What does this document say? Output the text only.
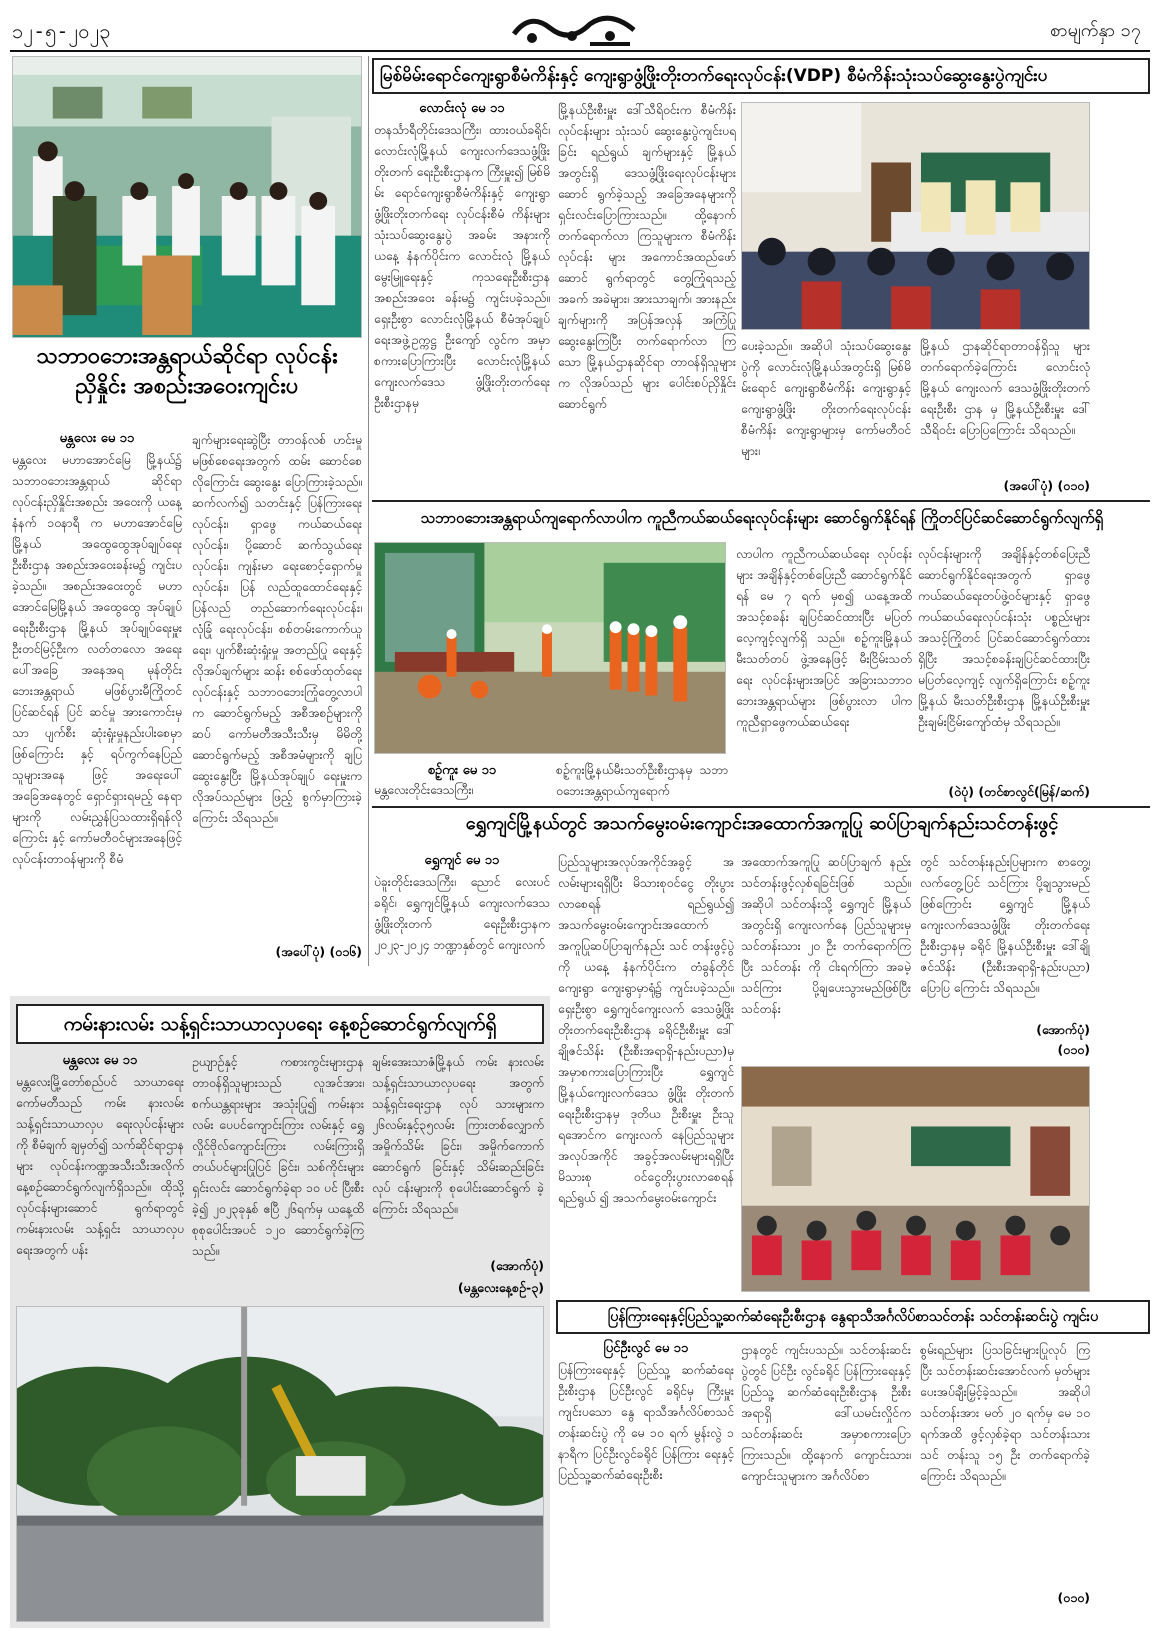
၁၂-၅-၂၀၂၃	စာမျက်နှာ ၁၇
သဘာဝဘေးအန္တရာယ်ဆိုင်ရာ လုပ်ငန်းညှိနှိုင်း အစည်းအဝေးကျင်းပ
မန္တလေး မေ ၁၁
မန္တလေး မဟာအောင်မြေ မြို့နယ်၌ သဘာဝဘေးအန္တရာယ် ဆိုင်ရာ လုပ်ငန်းညှိနှိုင်းအစည်း အဝေးကို ယနေ့ နံနက် ၁၀နာရီ က မဟာအောင်မြေမြို့နယ် အထွေထွေအုပ်ချုပ်ရေးဦးစီးဌာန အစည်းအဝေးခန်းမ၌ ကျင်းပ ခဲ့သည်။ အစည်းအဝေးတွင် မဟာ အောင်မြေမြို့နယ် အထွေထွေ အုပ်ချုပ်ရေးဦးစီးဌာန မြို့နယ် အုပ်ချုပ်ရေးမှူး ဦးတင်မြင့်ဦးက လတ်တလော အရေးပေါ်အခြေ အနေအရ မုန်တိုင်းဘေးအန္တရာယ် မဖြစ်ပွားမီကြိုတင်ပြင်ဆင်ရန် ပြင် ဆင်မှု အားကောင်းမှသာ ပျက်စီး ဆုံးရှုံးမှုနည်းပါးစေမှာဖြစ်ကြောင်း နှင့် ရပ်ကွက်နေပြည်သူများအနေ ဖြင့် အရေးပေါ်အခြေအနေတွင် ရှောင်ရှားရမည့် နေရာများကို လမ်းညွှန်ပြသထားရှိရန်လိုကြောင်း နှင့် ကော်မတီဝင်များအနေဖြင့် လုပ်ငန်းတာဝန်များကို စီမံ
ချက်များရေးဆွဲပြီး တာဝန်လစ် ဟင်းမှုမဖြစ်စေရေးအတွက် ထမ်း ဆောင်စေလိုကြောင်း ဆွေးနွေး ပြောကြားခဲ့သည်။ ဆက်လက်၍ သတင်းနှင့် ပြန်ကြားရေးလုပ်ငန်း၊ ရှာဖွေ ကယ်ဆယ်ရေးလုပ်ငန်း၊ ပို့ဆောင် ဆက်သွယ်ရေးလုပ်ငန်း၊ ကျန်းမာ ရေးစောင့်ရှောက်မှုလုပ်ငန်း၊ ပြန် လည်ထူထောင်ရေးနှင့် ပြန်လည် တည်ဆောက်ရေးလုပ်ငန်း၊ လုံခြုံ ရေးလုပ်ငန်း၊ စစ်တမ်းကောက်ယူ ရေး၊ ပျက်စီးဆုံးရှုံးမှု အတည်ပြု ရေးနှင့် လိုအပ်ချက်များ ဆန်း စစ်ဖော်ထုတ်ရေးလုပ်ငန်းနှင့် သဘာဝဘေးကြုံတွေ့လာပါက ဆောင်ရွက်မည့် အစီအစဉ်များကို ဆပ် ကော်မတီအသီးသီးမှ မိမိတို့ ဆောင်ရွက်မည့် အစီအမံများကို ချပြဆွေးနွေးပြီး မြို့နယ်အုပ်ချုပ် ရေးမှူးက လိုအပ်သည်များ ဖြည့် စွက်မှာကြားခဲ့ကြောင်း သိရသည်။
(အပေါ်ပုံ) (၀၁၆)
မြစ်မိမ်းရောင်ကျေးရွာစီမံကိန်းနှင့် ကျေးရွာဖွံ့ဖြိုးတိုးတက်ရေးလုပ်ငန်း(VDP) စီမံကိန်းသုံးသပ်ဆွေးနွေးပွဲကျင်းပ
လောင်းလုံ မေ ၁၁
တနင်္သာရီတိုင်းဒေသကြီး၊ ထားဝယ်ခရိုင်၊ လောင်းလုံမြို့နယ် ကျေးလက်ဒေသဖွံ့ဖြိုးတိုးတက် ရေးဦးစီးဌာနက ကြီးမှူး၍ မြစ်မိမ်း ရောင်ကျေးရွာစီမံကိန်းနှင့် ကျေးရွာ ဖွံ့ဖြိုးတိုးတက်ရေး လုပ်ငန်းစီမံ ကိန်းများ သုံးသပ်ဆွေးနွေးပွဲ အခမ်း အနားကို ယနေ့ နံနက်ပိုင်းက လောင်းလုံ မြို့နယ်မွေးမြူရေးနှင့် ကုသရေးဦးစီးဌာန အစည်းအဝေး ခန်းမ၌ ကျင်းပခဲ့သည်။ ရှေးဦးစွာ လောင်းလုံမြို့နယ် စီမံအုပ်ချုပ်ရေးအဖွဲ့ဥက္ကဋ္ဌ ဦးကျော် လွင်က အမှာစကားပြောကြားပြီး လောင်းလုံမြို့နယ်ကျေးလက်ဒေသ ဖွံ့ဖြိုးတိုးတက်ရေးဦးစီးဌာနမှ
မြို့နယ်ဦးစီးမှူး ဒေါ်သီရိဝင်းက စီမံကိန်းလုပ်ငန်းများ သုံးသပ် ဆွေးနွေးပွဲကျင်းပရခြင်း ရည်ရွယ် ချက်များနှင့် မြို့နယ်အတွင်းရှိ ဒေသဖွံ့ဖြိုးရေးလုပ်ငန်းများဆောင် ရွက်ခဲ့သည့် အခြေအနေများကို ရှင်းလင်းပြောကြားသည်။ ထို့နောက် တက်ရောက်လာ ကြသူများက စီမံကိန်းလုပ်ငန်း များ အကောင်အထည်ဖော်ဆောင် ရွက်ရာတွင် တွေ့ကြုံရသည့်အခက် အခဲများ၊ အားသာချက်၊ အားနည်း ချက်များကို အပြန်အလှန် အကြံပြု ဆွေးနွေးကြပြီး တက်ရောက်လာ ကြသော မြို့နယ်ဌာနဆိုင်ရာ တာဝန်ရှိသူများက လိုအပ်သည် များ ပေါင်းစပ်ညှိနှိုင်းဆောင်ရွက်
ပေးခဲ့သည်။ အဆိုပါ သုံးသပ်ဆွေးနွေး ပွဲကို လောင်းလုံမြို့နယ်အတွင်းရှိ မြစ်မိမ်းရောင် ကျေးရွာစီမံကိန်း ကျေးရွာနှင့် ကျေးရွာဖွံ့ဖြိုး တိုးတက်ရေးလုပ်ငန်းစီမံကိန်း ကျေးရွာများမှ ကော်မတီဝင်များ၊
မြို့နယ် ဌာနဆိုင်ရာတာဝန်ရှိသူ များ တက်ရောက်ခဲ့ကြောင်း လောင်းလုံမြို့နယ် ကျေးလက် ဒေသဖွံ့ဖြိုးတိုးတက်ရေးဦးစီး ဌာန မှ မြို့နယ်ဦးစီးမှူး ဒေါ်သီရိဝင်း ပြောပြကြောင်း သိရသည်။
(အပေါ်ပုံ) (၀၁၀)
သဘာဝဘေးအန္တရာယ်ကျရောက်လာပါက ကူညီကယ်ဆယ်ရေးလုပ်ငန်းများ ဆောင်ရွက်နိုင်ရန် ကြိုတင်ပြင်ဆင်ဆောင်ရွက်လျက်ရှိ
စဉ့်ကူး မေ ၁၁
မန္တလေးတိုင်းဒေသကြီး၊
စဉ့်ကူးမြို့နယ်မီးသတ်ဦးစီးဌာနမှ သဘာဝဘေးအန္တရာယ်ကျရောက်
လာပါက ကူညီကယ်ဆယ်ရေး လုပ်ငန်းများ အချိန်နှင့်တစ်ပြေးညီ ဆောင်ရွက်နိုင်ရန် မေ ၇ ရက် မှစ၍ ယနေ့အထိ အသင့်စခန်း ချပြင်ဆင်ထားပြီး မပြတ်လေ့ကျင့်လျက်ရှိ သည်။ စဉ့်ကူးမြို့နယ် မီးသတ်တပ် ဖွဲ့အနေဖြင့် မီးငြိမ်းသတ်ရေး လုပ်ငန်းများအပြင် အခြားသဘာဝ ဘေးအန္တရာယ်များ ဖြစ်ပွားလာ ပါက ကူညီရှာဖွေကယ်ဆယ်ရေး
လုပ်ငန်းများကို အချိန်နှင့်တစ်ပြေးညီ ဆောင်ရွက်နိုင်ရေးအတွက် ရှာဖွေ ကယ်ဆယ်ရေးတပ်ဖွဲ့ဝင်များနှင့် ရှာဖွေကယ်ဆယ်ရေးလုပ်ငန်းသုံး ပစ္စည်းများ အသင့်ကြိုတင် ပြင်ဆင်ဆောင်ရွက်ထားရှိပြီး အသင့်စခန်းချပြင်ဆင်ထားပြီး မပြတ်လေ့ကျင့် လျက်ရှိကြောင်း စဉ့်ကူးမြို့နယ် မီးသတ်ဦးစီးဌာန မြို့နယ်ဦးစီးမှူး ဦးချမ်းငြိမ်းကျော်ထံမှ သိရသည်။
(ဝဲပုံ) (တင်စာလွင်(မြန်/ဆက်)
ရွှေကျင်မြို့နယ်တွင် အသက်မွေးဝမ်းကျောင်းအထောက်အကူပြု ဆပ်ပြာချက်နည်းသင်တန်းဖွင့်
ရွှေကျင် မေ ၁၁
ပဲခူးတိုင်းဒေသကြီး၊ ညောင် လေးပင်ခရိုင်၊ ရွှေကျင်မြို့နယ် ကျေးလက်ဒေသဖွံ့ဖြိုးတိုးတက် ရေးဦးစီးဌာနက ၂၀၂၃-၂၀၂၄ ဘဏ္ဍာနှစ်တွင် ကျေးလက်
ပြည်သူများအလုပ်အကိုင်အခွင့် အလမ်းများရရှိပြီး မိသားစုဝင်ငွေ တိုးပွားလာစေရန် ရည်ရွယ်၍ အသက်မွေးဝမ်းကျောင်းအထောက် အကူပြုဆပ်ပြာချက်နည်း သင် တန်းဖွင့်ပွဲကို ယနေ့ နံနက်ပိုင်းက တံခွန်တိုင်ကျေးရွာ ကျေးရွာမှာရုံ၌ ကျင်းပခဲ့သည်။ ရှေးဦးစွာ ရွှေကျင်ကျေးလက် ဒေသဖွံ့ဖြိုးတိုးတက်ရေးဦးစီးဌာန ခရိုင်ဦးစီးမှူး ဒေါ်ချိုဇင်သိန်း (ဦးစီးအရာရှိ-နည်းပညာ)မှ အမှာစကားပြောကြားပြီး ရွှေကျင် မြို့နယ်ကျေးလက်ဒေသ ဖွံ့ဖြိုး တိုးတက်ရေးဦးစီးဌာနမှ ဒုတိယ ဦးစီးမှူး ဦးသူရအောင်က ကျေးလက် နေပြည်သူများ အလုပ်အကိုင် အခွင့်အလမ်းများရရှိပြီး မိသားစု ဝင်ငွေတိုးပွားလာစေရန် ရည်ရွယ် ၍ အသက်မွေးဝမ်းကျောင်း
အထောက်အကူပြု ဆပ်ပြာချက် နည်း သင်တန်းဖွင့်လှစ်ရခြင်းဖြစ် သည်။ အဆိုပါ သင်တန်းသို့ ရွှေကျင် မြို့နယ်အတွင်းရှိ ကျေးလက်နေ ပြည်သူများမှ သင်တန်းသား ၂၀ ဦး တက်ရောက်ကြပြီး သင်တန်း ကို ငါးရက်ကြာ အခမဲ့သင်ကြား ပို့ချပေးသွားမည်ဖြစ်ပြီး သင်တန်း
တွင် သင်တန်းနည်းပြများက စာတွေ့၊ လက်တွေ့ပြင် သင်ကြား ပို့ချသွားမည်ဖြစ်ကြောင်း ရွှေကျင် မြို့နယ် ကျေးလက်ဒေသဖွံ့ဖြိုး တိုးတက်ရေးဦးစီးဌာနမှ ခရိုင် မြို့နယ်ဦးစီးမှူး ဒေါ်ချိုဇင်သိန်း (ဦးစီးအရာရှိ-နည်းပညာ) ပြောပြ ကြောင်း သိရသည်။
(အောက်ပုံ)
(၀၁၀)
ကမ်းနားလမ်း သန့်ရှင်းသာယာလှပရေး နေ့စဉ်ဆောင်ရွက်လျက်ရှိ
မန္တလေး မေ ၁၁
မန္တလေးမြို့တော်စည်ပင် သာယာရေးကော်မတီသည် ကမ်း နားလမ်း သန့်ရှင်းသာယာလှပ ရေးလုပ်ငန်းများကို စီမံချက် ချမှတ်၍ သက်ဆိုင်ရာဌာနများ လုပ်ငန်းကဏ္ဍအသီးသီးအလိုက် နေ့စဉ်ဆောင်ရွက်လျက်ရှိသည်။ ထိုသို့လုပ်ငန်းများဆောင် ရွက်ရာတွင် ကမ်းနားလမ်း သန့်ရှင်း သာယာလှပရေးအတွက် ပန်း
ဥယျာဉ်နှင့် ကစားကွင်းများဌာန တာဝန်ရှိသူများသည် လူအင်အား၊ စက်ယန္တရားများ အသုံးပြု၍ ကမ်းနားလမ်း ပေပင်ကျောင်းကြား လမ်းနှင့် ရွှေလှိုင်ဗိုလ်ကျောင်းကြား လမ်းကြားရှိ တယ်ပင်များပြုပြင် ခြင်း၊ သစ်ကိုင်းများ ရှင်းလင်း ဆောင်ရွက်ခဲ့ရာ ၁၀ ပင် ပြီးစီး ခဲ့၍ ၂၀၂၃ခုနှစ် ဧပြီ ၂၆ရက်မှ ယနေ့ထိ စုစုပေါင်းအပင် ၁၂၀ ဆောင်ရွက်ခဲ့ကြသည်။
ချမ်းအေးသာဇံမြို့နယ် ကမ်း နားလမ်းသန့်ရှင်းသာယာလှပရေး အတွက် သန့်ရှင်းရေးဌာန လုပ် သားများက ၂၆လမ်းနှင့်၃၅လမ်း ကြားတစ်လျှောက် အမှိုက်သိမ်း ခြင်း၊ အမှိုက်ကောက်ဆောင်ရွက် ခြင်းနှင့် သိမ်းဆည်းခြင်းလုပ် ငန်းများကို စုပေါင်းဆောင်ရွက် ခဲ့ကြောင်း သိရသည်။
(အောက်ပုံ)
(မန္တလေးနေ့စဉ်-၃)
ပြန်ကြားရေးနှင့်ပြည်သူ့ဆက်ဆံရေးဦးစီးဌာန နွေရာသီအင်္ဂလိပ်စာသင်တန်း သင်တန်းဆင်းပွဲ ကျင်းပ
ပြင်ဦးလွင် မေ ၁၁
ပြန်ကြားရေးနှင့် ပြည်သူ့ ဆက်ဆံရေးဦးစီးဌာန ပြင်ဦးလွင် ခရိုင်မှ ကြီးမှူးကျင်းပသော နွေ ရာသီအင်္ဂလိပ်စာသင်တန်းဆင်းပွဲ ကို မေ ၁၀ ရက် မွန်းလွဲ ၁ နာရီက ပြင်ဦးလွင်ခရိုင် ပြန်ကြား ရေးနှင့်ပြည်သူ့ဆက်ဆံရေးဦးစီး
ဌာနတွင် ကျင်းပသည်။ သင်တန်းဆင်းပွဲတွင် ပြင်ဦး လွင်ခရိုင် ပြန်ကြားရေးနှင့်ပြည်သူ့ ဆက်ဆံရေးဦးစီးဌာန ဦးစီးအရာရှိ ဒေါ်ယမင်းလှိုင်က သင်တန်းဆင်း အမှာစကားပြောကြားသည်။ ထို့နောက် ကျောင်းသား၊ ကျောင်းသူများက အင်္ဂလိပ်စာ
စွမ်းရည်များ ပြသခြင်းများပြုလုပ် ကြပြီး သင်တန်းဆင်းအောင်လက် မှတ်များပေးအပ်ချီးမြှင့်ခဲ့သည်။ အဆိုပါသင်တန်းအား မတ် ၂၀ ရက်မှ မေ ၁၀ ရက်အထိ ဖွင့်လှစ်ခဲ့ရာ သင်တန်းသား သင် တန်းသူ ၁၅ ဦး တက်ရောက်ခဲ့ ကြောင်း သိရသည်။
(၀၁၀)
